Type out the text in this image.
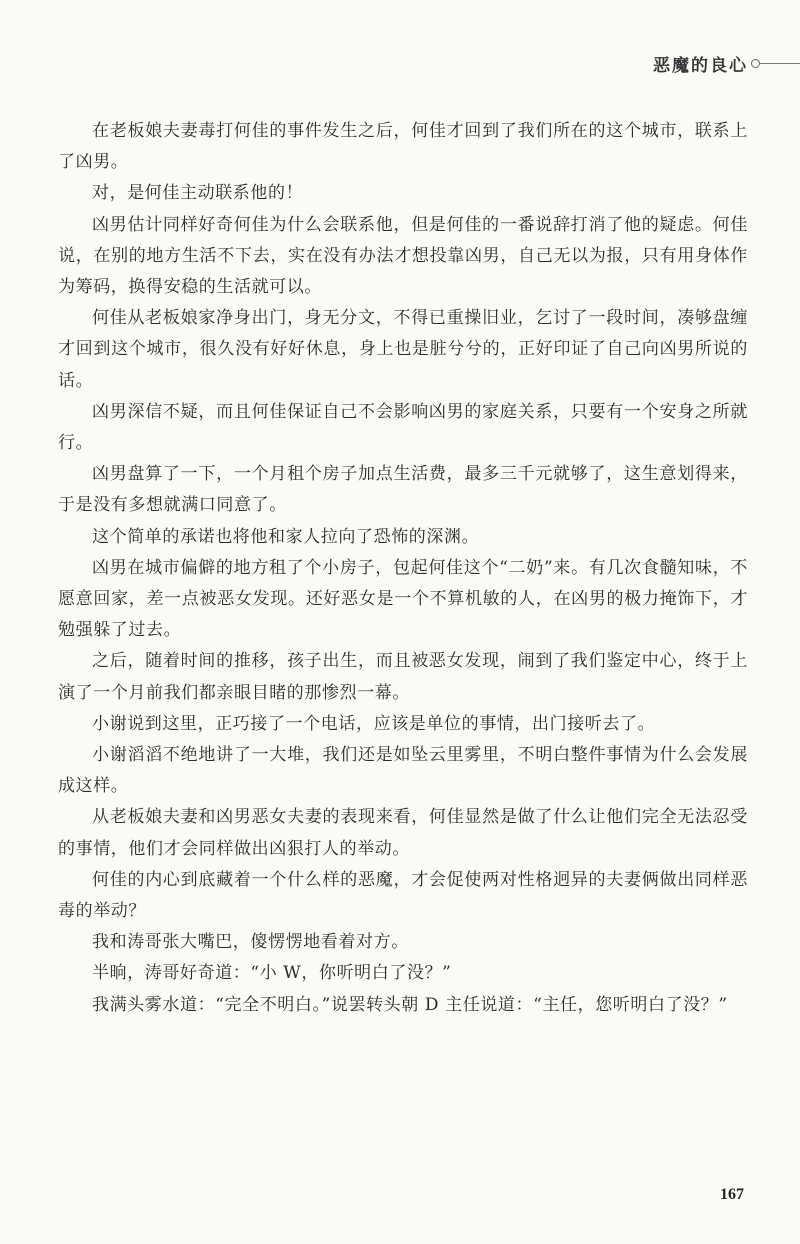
恶魔的良心

在老板娘夫妻毒打何佳的事件发生之后，何佳才回到了我们所在的这个城市，联系上了凶男。

对，是何佳主动联系他的！

凶男估计同样好奇何佳为什么会联系他，但是何佳的一番说辞打消了他的疑虑。何佳说，在别的地方生活不下去，实在没有办法才想投靠凶男，自己无以为报，只有用身体作为筹码，换得安稳的生活就可以。

何佳从老板娘家净身出门，身无分文，不得已重操旧业，乞讨了一段时间，凑够盘缠才回到这个城市，很久没有好好休息，身上也是脏兮兮的，正好印证了自己向凶男所说的话。

凶男深信不疑，而且何佳保证自己不会影响凶男的家庭关系，只要有一个安身之所就行。

凶男盘算了一下，一个月租个房子加点生活费，最多三千元就够了，这生意划得来，于是没有多想就满口同意了。

这个简单的承诺也将他和家人拉向了恐怖的深渊。

凶男在城市偏僻的地方租了个小房子，包起何佳这个“二奶”来。有几次食髓知味，不愿意回家，差一点被恶女发现。还好恶女是一个不算机敏的人，在凶男的极力掩饰下，才勉强躲了过去。

之后，随着时间的推移，孩子出生，而且被恶女发现，闹到了我们鉴定中心，终于上演了一个月前我们都亲眼目睹的那惨烈一幕。

小谢说到这里，正巧接了一个电话，应该是单位的事情，出门接听去了。

小谢滔滔不绝地讲了一大堆，我们还是如坠云里雾里，不明白整件事情为什么会发展成这样。

从老板娘夫妻和凶男恶女夫妻的表现来看，何佳显然是做了什么让他们完全无法忍受的事情，他们才会同样做出凶狠打人的举动。

何佳的内心到底藏着一个什么样的恶魔，才会促使两对性格迥异的夫妻俩做出同样恶毒的举动？

我和涛哥张大嘴巴，傻愣愣地看着对方。

半晌，涛哥好奇道：“小 W，你听明白了没？”

我满头雾水道：“完全不明白。”说罢转头朝 D 主任说道：“主任，您听明白了没？”

167
